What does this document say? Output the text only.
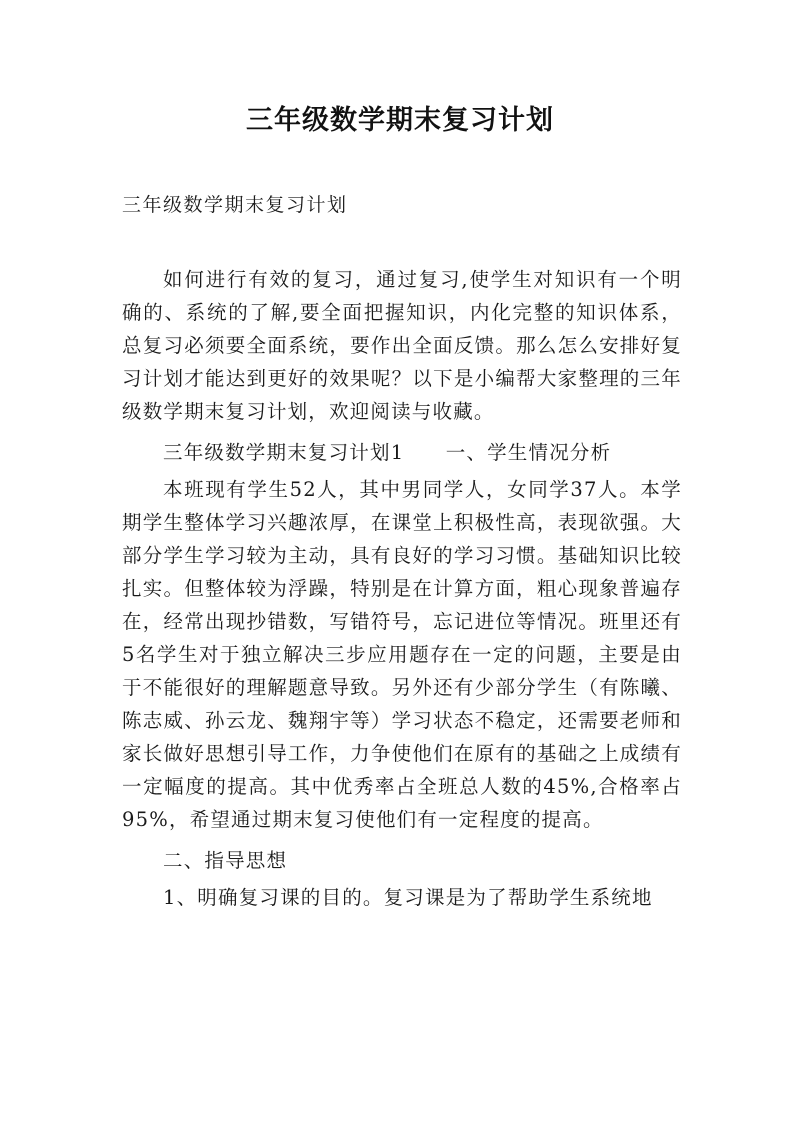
三年级数学期末复习计划

三年级数学期末复习计划

如何进行有效的复习，通过复习,使学生对知识有一个明确的、系统的了解,要全面把握知识，内化完整的知识体系，总复习必须要全面系统，要作出全面反馈。那么怎么安排好复习计划才能达到更好的效果呢？以下是小编帮大家整理的三年级数学期末复习计划，欢迎阅读与收藏。

三年级数学期末复习计划1　　一、学生情况分析

本班现有学生52人，其中男同学人，女同学37人。本学期学生整体学习兴趣浓厚，在课堂上积极性高，表现欲强。大部分学生学习较为主动，具有良好的学习习惯。基础知识比较扎实。但整体较为浮躁，特别是在计算方面，粗心现象普遍存在，经常出现抄错数，写错符号，忘记进位等情况。班里还有5名学生对于独立解决三步应用题存在一定的问题，主要是由于不能很好的理解题意导致。另外还有少部分学生（有陈曦、陈志威、孙云龙、魏翔宇等）学习状态不稳定，还需要老师和家长做好思想引导工作，力争使他们在原有的基础之上成绩有一定幅度的提高。其中优秀率占全班总人数的45%,合格率占95%，希望通过期末复习使他们有一定程度的提高。

二、指导思想

1、明确复习课的目的。复习课是为了帮助学生系统地
